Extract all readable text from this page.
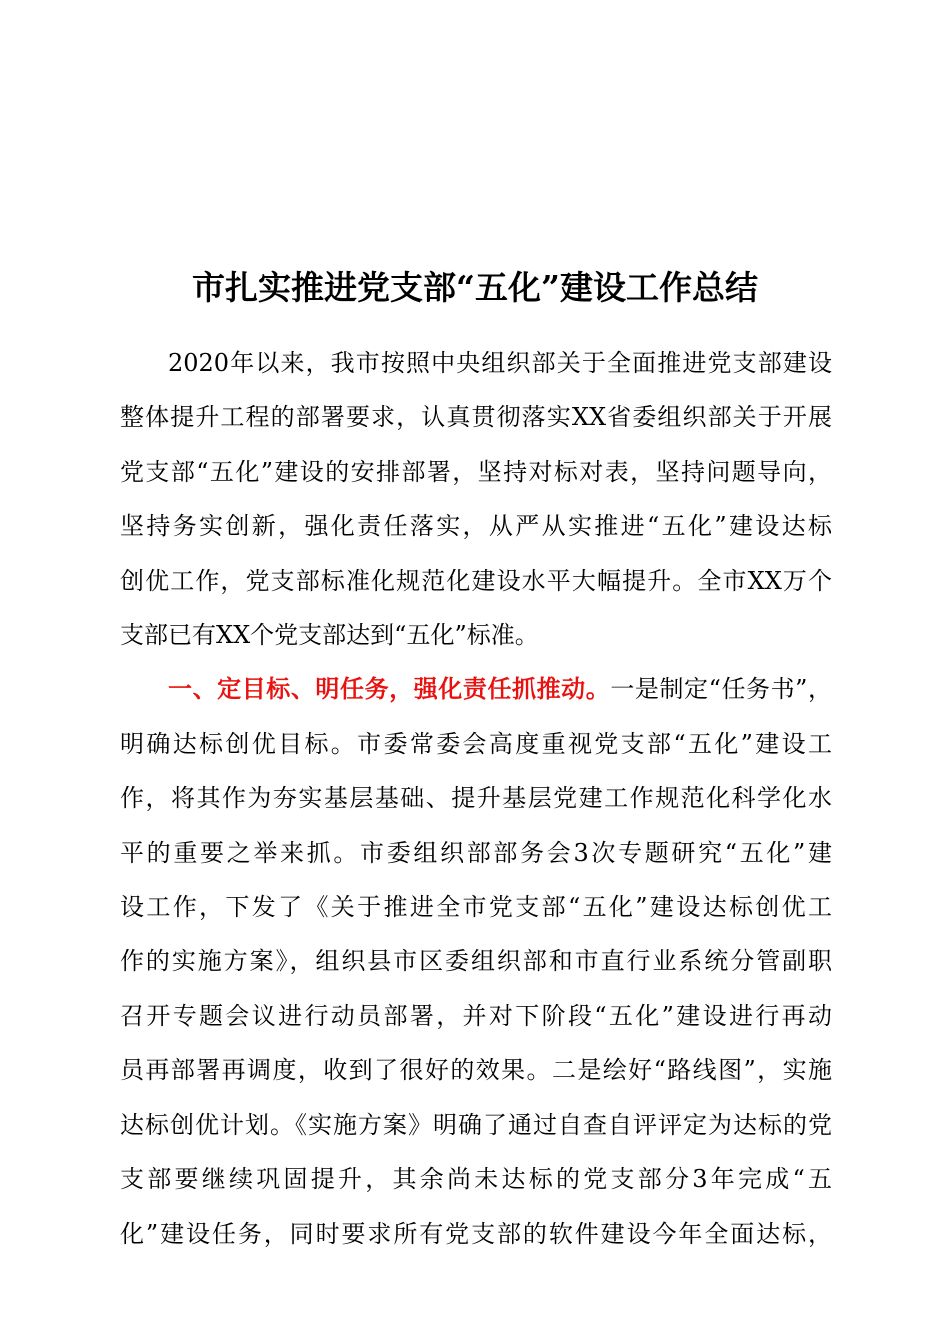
市扎实推进党支部“五化”建设工作总结
2020年以来，我市按照中央组织部关于全面推进党支部建设
整体提升工程的部署要求，认真贯彻落实XX省委组织部关于开展
党支部“五化”建设的安排部署，坚持对标对表，坚持问题导向，
坚持务实创新，强化责任落实，从严从实推进“五化”建设达标
创优工作，党支部标准化规范化建设水平大幅提升。全市XX万个
支部已有XX个党支部达到“五化”标准。
一、定目标、明任务，强化责任抓推动。一是制定“任务书”，
明确达标创优目标。市委常委会高度重视党支部“五化”建设工
作，将其作为夯实基层基础、提升基层党建工作规范化科学化水
平的重要之举来抓。市委组织部部务会3次专题研究“五化”建
设工作，下发了《关于推进全市党支部“五化”建设达标创优工
作的实施方案》，组织县市区委组织部和市直行业系统分管副职
召开专题会议进行动员部署，并对下阶段“五化”建设进行再动
员再部署再调度，收到了很好的效果。二是绘好“路线图”，实施
达标创优计划。《实施方案》明确了通过自查自评评定为达标的党
支部要继续巩固提升，其余尚未达标的党支部分3年完成“五
化”建设任务，同时要求所有党支部的软件建设今年全面达标，
